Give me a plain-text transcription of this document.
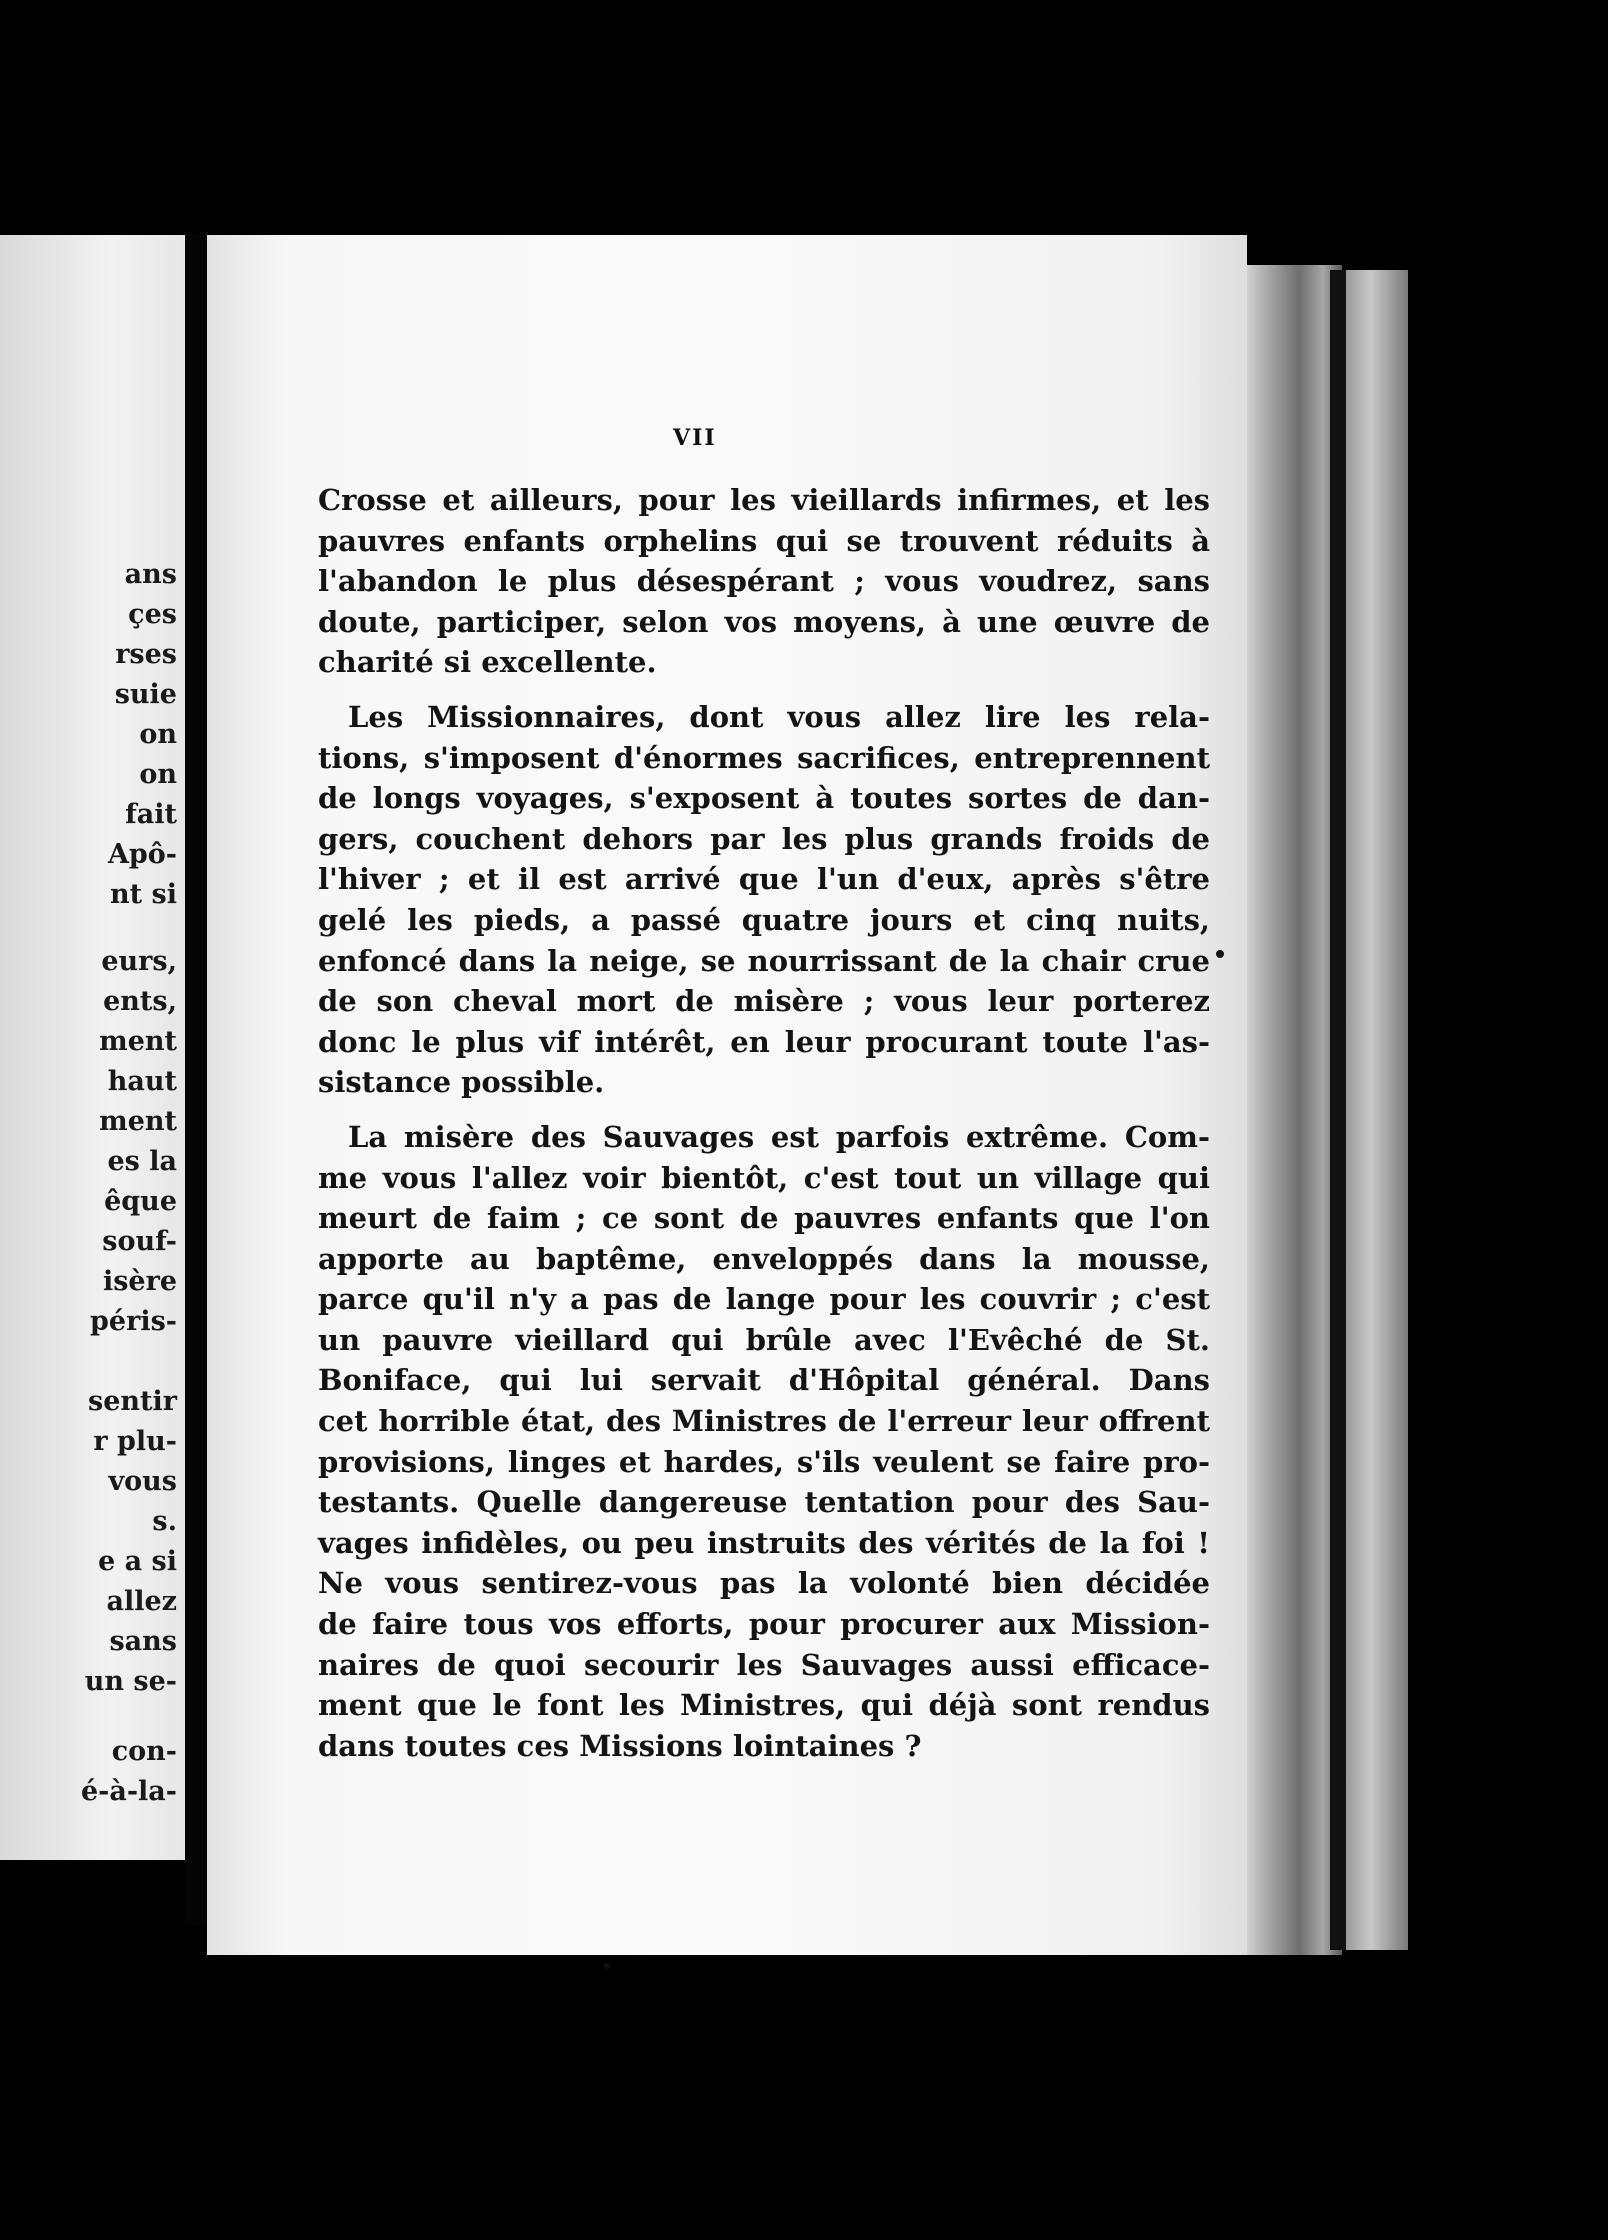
ans
çes
rses
suie
on
on
fait
Apô-
nt si
eurs,
ents,
ment
haut
ment
es la
êque
souf-
isère
péris-
sentir
r plu-
vous
s.
e a si
allez
sans
un se-
con-
é-à-la-
VII
Crosse et ailleurs, pour les vieillards infirmes, et les
pauvres enfants orphelins qui se trouvent réduits à
l'abandon le plus désespérant ; vous voudrez, sans
doute, participer, selon vos moyens, à une œuvre de
charité si excellente.
Les Missionnaires, dont vous allez lire les rela-
tions, s'imposent d'énormes sacrifices, entreprennent
de longs voyages, s'exposent à toutes sortes de dan-
gers, couchent dehors par les plus grands froids de
l'hiver ; et il est arrivé que l'un d'eux, après s'être
gelé les pieds, a passé quatre jours et cinq nuits,
enfoncé dans la neige, se nourrissant de la chair crue
de son cheval mort de misère ; vous leur porterez
donc le plus vif intérêt, en leur procurant toute l'as-
sistance possible.
La misère des Sauvages est parfois extrême. Com-
me vous l'allez voir bientôt, c'est tout un village qui
meurt de faim ; ce sont de pauvres enfants que l'on
apporte au baptême, enveloppés dans la mousse,
parce qu'il n'y a pas de lange pour les couvrir ; c'est
un pauvre vieillard qui brûle avec l'Evêché de St.
Boniface, qui lui servait d'Hôpital général. Dans
cet horrible état, des Ministres de l'erreur leur offrent
provisions, linges et hardes, s'ils veulent se faire pro-
testants. Quelle dangereuse tentation pour des Sau-
vages infidèles, ou peu instruits des vérités de la foi !
Ne vous sentirez-vous pas la volonté bien décidée
de faire tous vos efforts, pour procurer aux Mission-
naires de quoi secourir les Sauvages aussi efficace-
ment que le font les Ministres, qui déjà sont rendus
dans toutes ces Missions lointaines ?
